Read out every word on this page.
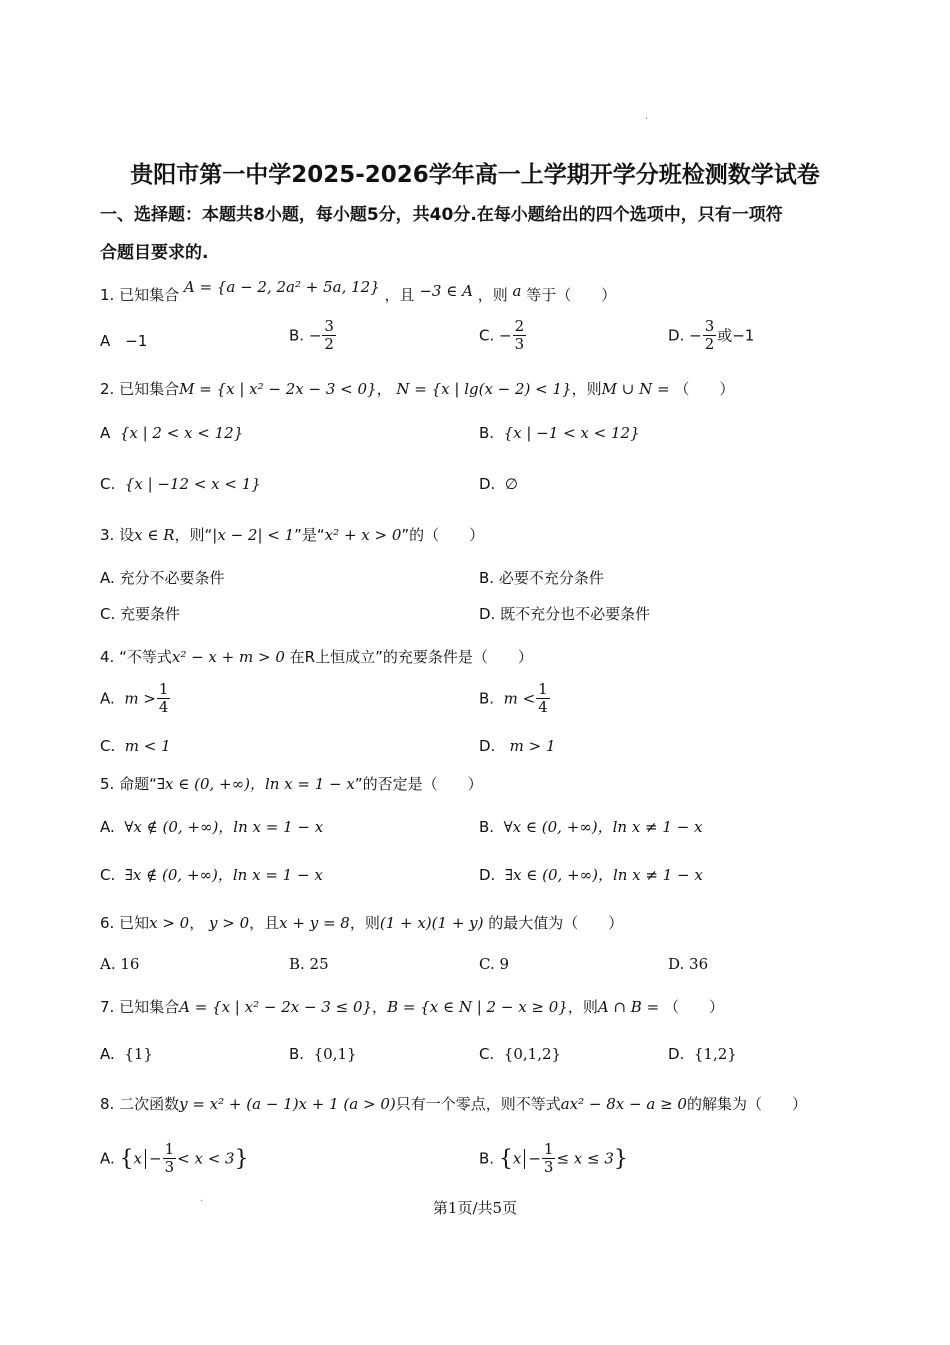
·
·
贵阳市第一中学2025-2026学年高一上学期开学分班检测数学试卷
一、选择题：本题共8小题，每小题5分，共40分.在每小题给出的四个选项中，只有一项符
合题目要求的.
1. 已知集合 A = {a − 2, 2a² + 5a, 12} ，且 −3 ∈ A ，则 a 等于（　　）
A　−1	B. − $\frac{3}{2}$	C. − $\frac{2}{3}$	D. − $\frac{3}{2}$ 或−1
2. 已知集合M = {x | x² − 2x − 3 < 0}， N = {x | lg(x − 2) < 1}，则M ∪ N = （　　）
A {x | 2 < x < 12}	B. {x | −1 < x < 12}
C. {x | −12 < x < 1}	D. ∅
3. 设x ∈ R，则“|x − 2| < 1”是“x² + x > 0”的（　　）
A. 充分不必要条件	B. 必要不充分条件
C. 充要条件	D. 既不充分也不必要条件
4. “不等式x² − x + m > 0 在R上恒成立”的充要条件是（　　）
A. $m > \frac{1}{4}$	B. $m < \frac{1}{4}$
C. m < 1	D. m > 1
5. 命题“∃x ∈ (0, +∞)，ln x = 1 − x”的否定是（　　）
A. ∀x ∉ (0, +∞)，ln x = 1 − x	B. ∀x ∈ (0, +∞)，ln x ≠ 1 − x
C. ∃x ∉ (0, +∞)，ln x = 1 − x	D. ∃x ∈ (0, +∞)，ln x ≠ 1 − x
6. 已知x > 0， y > 0，且x + y = 8，则(1 + x)(1 + y) 的最大值为（　　）
A. 16	B. 25	C. 9	D. 36
7. 已知集合A = {x | x² − 2x − 3 ≤ 0}，B = {x ∈ N | 2 − x ≥ 0}，则A ∩ B = （　　）
A. {1}	B. {0,1}	C. {0,1,2}	D. {1,2}
8. 二次函数y = x² + (a − 1)x + 1 (a > 0)只有一个零点，则不等式ax² − 8x − a ≥ 0的解集为（　　）
A. $\{x - \frac{1}{3} < x < 3\}$	B. $\{x - \frac{1}{3} \le x \le 3\}$
第1页/共5页
